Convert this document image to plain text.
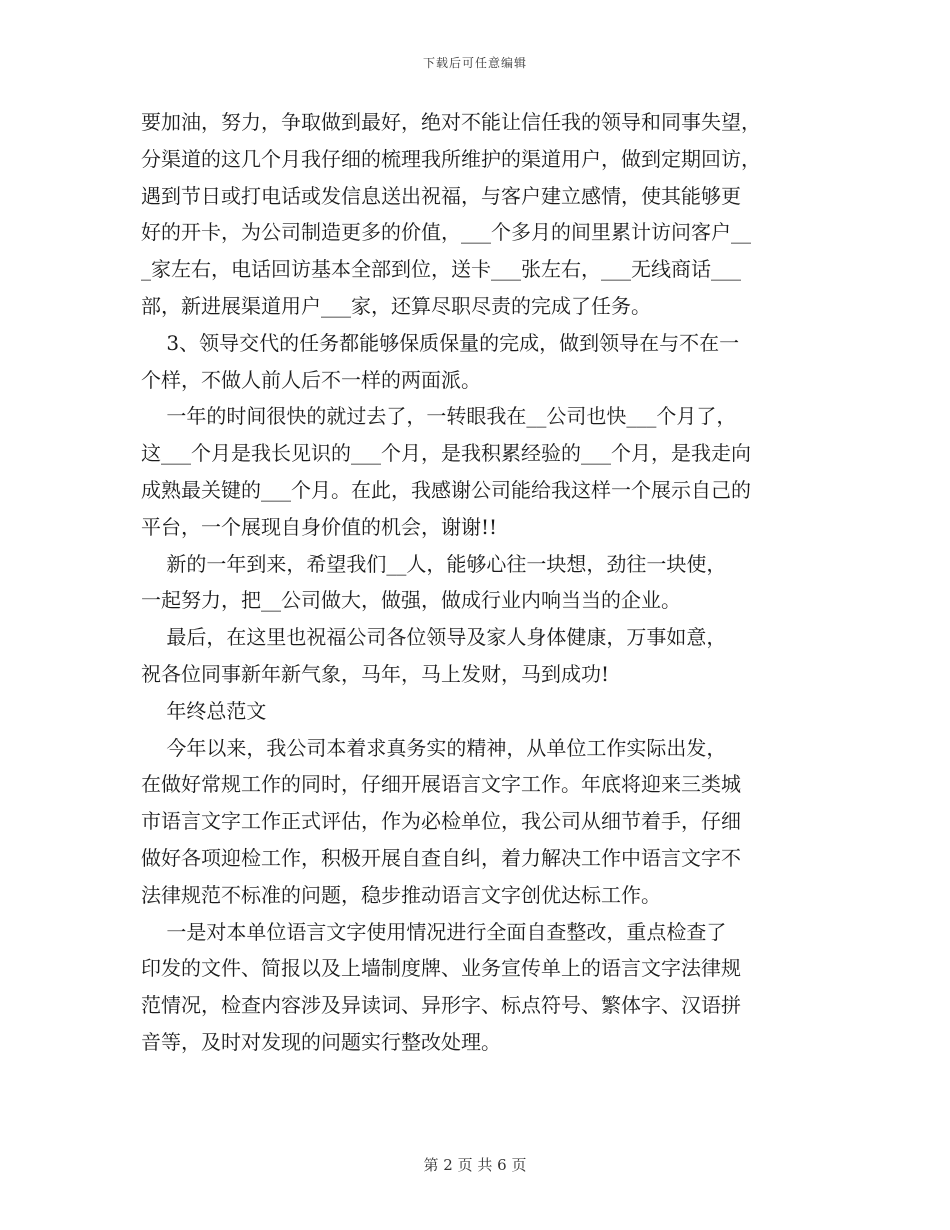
下载后可任意编辑
要加油，努力，争取做到最好，绝对不能让信任我的领导和同事失望，
分渠道的这几个月我仔细的梳理我所维护的渠道用户，做到定期回访，
遇到节日或打电话或发信息送出祝福，与客户建立感情，使其能够更
好的开卡，为公司制造更多的价值，___个多月的间里累计访问客户__
_家左右，电话回访基本全部到位，送卡___张左右，___无线商话___
部，新进展渠道用户___家，还算尽职尽责的完成了任务。
3、领导交代的任务都能够保质保量的完成，做到领导在与不在一
个样，不做人前人后不一样的两面派。
一年的时间很快的就过去了，一转眼我在__公司也快___个月了，
这___个月是我长见识的___个月，是我积累经验的___个月，是我走向
成熟最关键的___个月。在此，我感谢公司能给我这样一个展示自己的
平台，一个展现自身价值的机会，谢谢!!
新的一年到来，希望我们__人，能够心往一块想，劲往一块使，
一起努力，把__公司做大，做强，做成行业内响当当的企业。
最后，在这里也祝福公司各位领导及家人身体健康，万事如意，
祝各位同事新年新气象，马年，马上发财，马到成功!
年终总范文
今年以来，我公司本着求真务实的精神，从单位工作实际出发，
在做好常规工作的同时，仔细开展语言文字工作。年底将迎来三类城
市语言文字工作正式评估，作为必检单位，我公司从细节着手，仔细
做好各项迎检工作，积极开展自查自纠，着力解决工作中语言文字不
法律规范不标准的问题，稳步推动语言文字创优达标工作。
一是对本单位语言文字使用情况进行全面自查整改，重点检查了
印发的文件、简报以及上墙制度牌、业务宣传单上的语言文字法律规
范情况，检查内容涉及异读词、异形字、标点符号、繁体字、汉语拼
音等，及时对发现的问题实行整改处理。
第 2 页 共 6 页
